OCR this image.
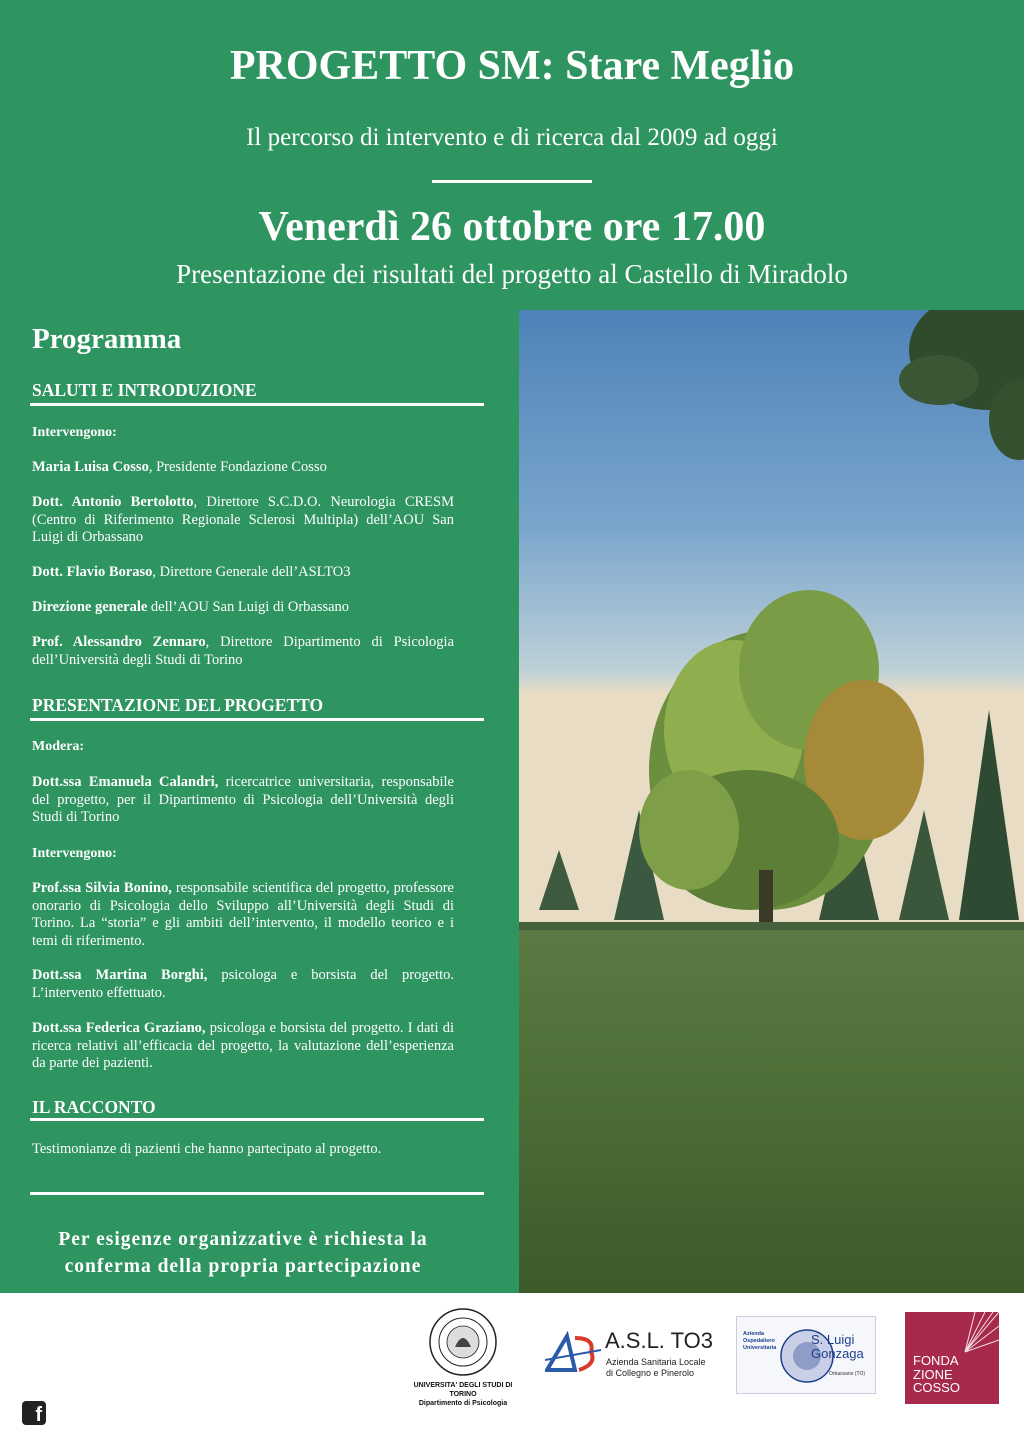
PROGETTO SM: Stare Meglio
Il percorso di intervento e di ricerca dal 2009 ad oggi
Venerdì 26 ottobre ore 17.00
Presentazione dei risultati del progetto al Castello di Miradolo
Programma
SALUTI E INTRODUZIONE
Intervengono:
Maria Luisa Cosso, Presidente Fondazione Cosso
Dott. Antonio Bertolotto, Direttore S.C.D.O. Neurologia CRESM (Centro di Riferimento Regionale Sclerosi Multipla) dell’AOU San Luigi di Orbassano
Dott. Flavio Boraso, Direttore Generale dell’ASLTO3
Direzione generale dell’AOU San Luigi di Orbassano
Prof. Alessandro Zennaro, Direttore Dipartimento di Psicologia dell’Università degli Studi di Torino
PRESENTAZIONE DEL PROGETTO
Modera:
Dott.ssa Emanuela Calandri, ricercatrice universitaria, responsabile del progetto, per il Dipartimento di Psicologia dell’Università degli Studi di Torino
Intervengono:
Prof.ssa Silvia Bonino, responsabile scientifica del progetto, professore onorario di Psicologia dello Sviluppo all’Università degli Studi di Torino. La “storia” e gli ambiti dell’intervento, il modello teorico e i temi di riferimento.
Dott.ssa Martina Borghi, psicologa e borsista del progetto. L’intervento effettuato.
Dott.ssa Federica Graziano, psicologa e borsista del progetto. I dati di ricerca relativi all’efficacia del progetto, la valutazione dell’esperienza da parte dei pazienti.
IL RACCONTO
Testimonianze di pazienti che hanno partecipato al progetto.
Per esigenze organizzative è richiesta la conferma della propria partecipazione
Fondazione Cosso - Castello di Miradolo
Via Cardonata 2, San Secondo di Pinerolo (TO)
0121 376545 prenotazioni@fondazionecosso.it
www.fondazionecosso.it
f Fondazione Cosso - Castello di Miradolo
UNIVERSITA' DEGLI STUDI DI
TORINO
Dipartimento di Psicologia
A.S.L. TO3
Azienda Sanitaria Locale
di Collegno e Pinerolo
Azienda
Ospedaliero
Universitaria
S. Luigi
Gonzaga
Orbassano (TO)
FONDA
ZIONE
COSSO
